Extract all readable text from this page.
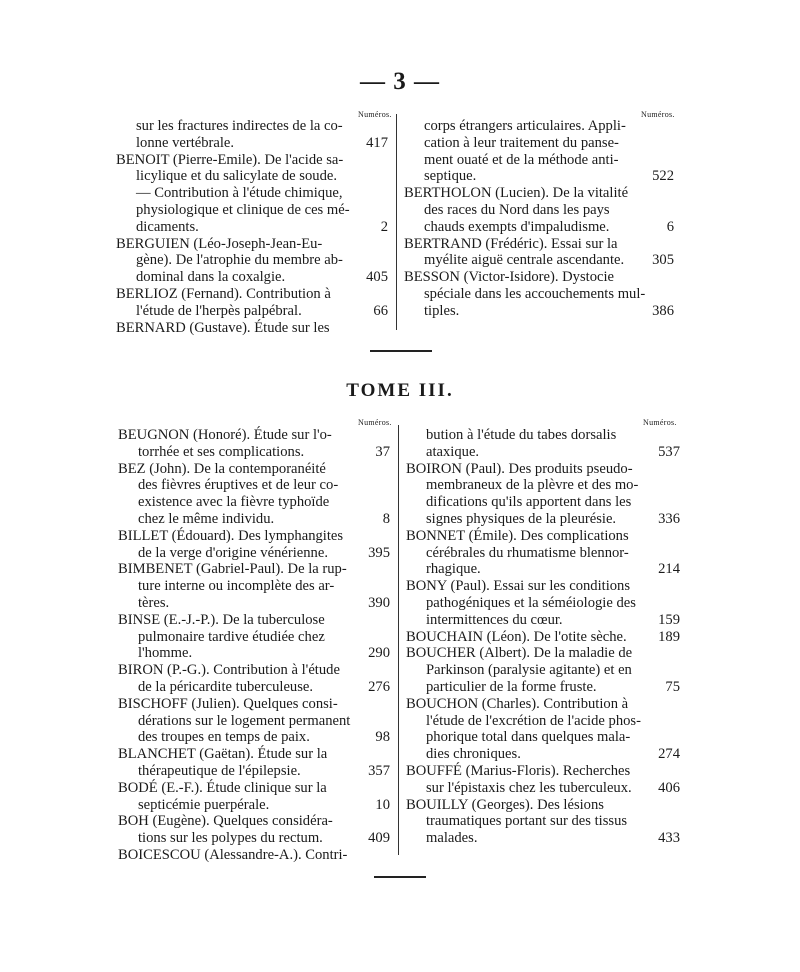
— 3 —
Numéros.	Numéros.
sur les fractures indirectes de la co-
lonne vertébrale.	417
BENOIT (Pierre-Emile). De l'acide sa-
licylique et du salicylate de soude.
— Contribution à l'étude chimique,
physiologique et clinique de ces mé-
dicaments.	2
BERGUIEN (Léo-Joseph-Jean-Eu-
gène). De l'atrophie du membre ab-
dominal dans la coxalgie.	405
BERLIOZ (Fernand). Contribution à
l'étude de l'herpès palpébral.	66
BERNARD (Gustave). Étude sur les
corps étrangers articulaires. Appli-
cation à leur traitement du panse-
ment ouaté et de la méthode anti-
septique.	522
BERTHOLON (Lucien). De la vitalité
des races du Nord dans les pays
chauds exempts d'impaludisme.	6
BERTRAND (Frédéric). Essai sur la
myélite aiguë centrale ascendante.	305
BESSON (Victor-Isidore). Dystocie
spéciale dans les accouchements mul-
tiples.	386
TOME III.
Numéros.	Numéros.
BEUGNON (Honoré). Étude sur l'o-
torrhée et ses complications.	37
BEZ (John). De la contemporanéité
des fièvres éruptives et de leur co-
existence avec la fièvre typhoïde
chez le même individu.	8
BILLET (Édouard). Des lymphangites
de la verge d'origine vénérienne.	395
BIMBENET (Gabriel-Paul). De la rup-
ture interne ou incomplète des ar-
tères.	390
BINSE (E.-J.-P.). De la tuberculose
pulmonaire tardive étudiée chez
l'homme.	290
BIRON (P.-G.). Contribution à l'étude
de la péricardite tuberculeuse.	276
BISCHOFF (Julien). Quelques consi-
dérations sur le logement permanent
des troupes en temps de paix.	98
BLANCHET (Gaëtan). Étude sur la
thérapeutique de l'épilepsie.	357
BODÉ (E.-F.). Étude clinique sur la
septicémie puerpérale.	10
BOH (Eugène). Quelques considéra-
tions sur les polypes du rectum.	409
BOICESCOU (Alessandre-A.). Contri-
bution à l'étude du tabes dorsalis
ataxique.	537
BOIRON (Paul). Des produits pseudo-
membraneux de la plèvre et des mo-
difications qu'ils apportent dans les
signes physiques de la pleurésie.	336
BONNET (Émile). Des complications
cérébrales du rhumatisme blennor-
rhagique.	214
BONY (Paul). Essai sur les conditions
pathogéniques et la séméiologie des
intermittences du cœur.	159
BOUCHAIN (Léon). De l'otite sèche.	189
BOUCHER (Albert). De la maladie de
Parkinson (paralysie agitante) et en
particulier de la forme fruste.	75
BOUCHON (Charles). Contribution à
l'étude de l'excrétion de l'acide phos-
phorique total dans quelques mala-
dies chroniques.	274
BOUFFÉ (Marius-Floris). Recherches
sur l'épistaxis chez les tuberculeux.	406
BOUILLY (Georges). Des lésions
traumatiques portant sur des tissus
malades.	433
